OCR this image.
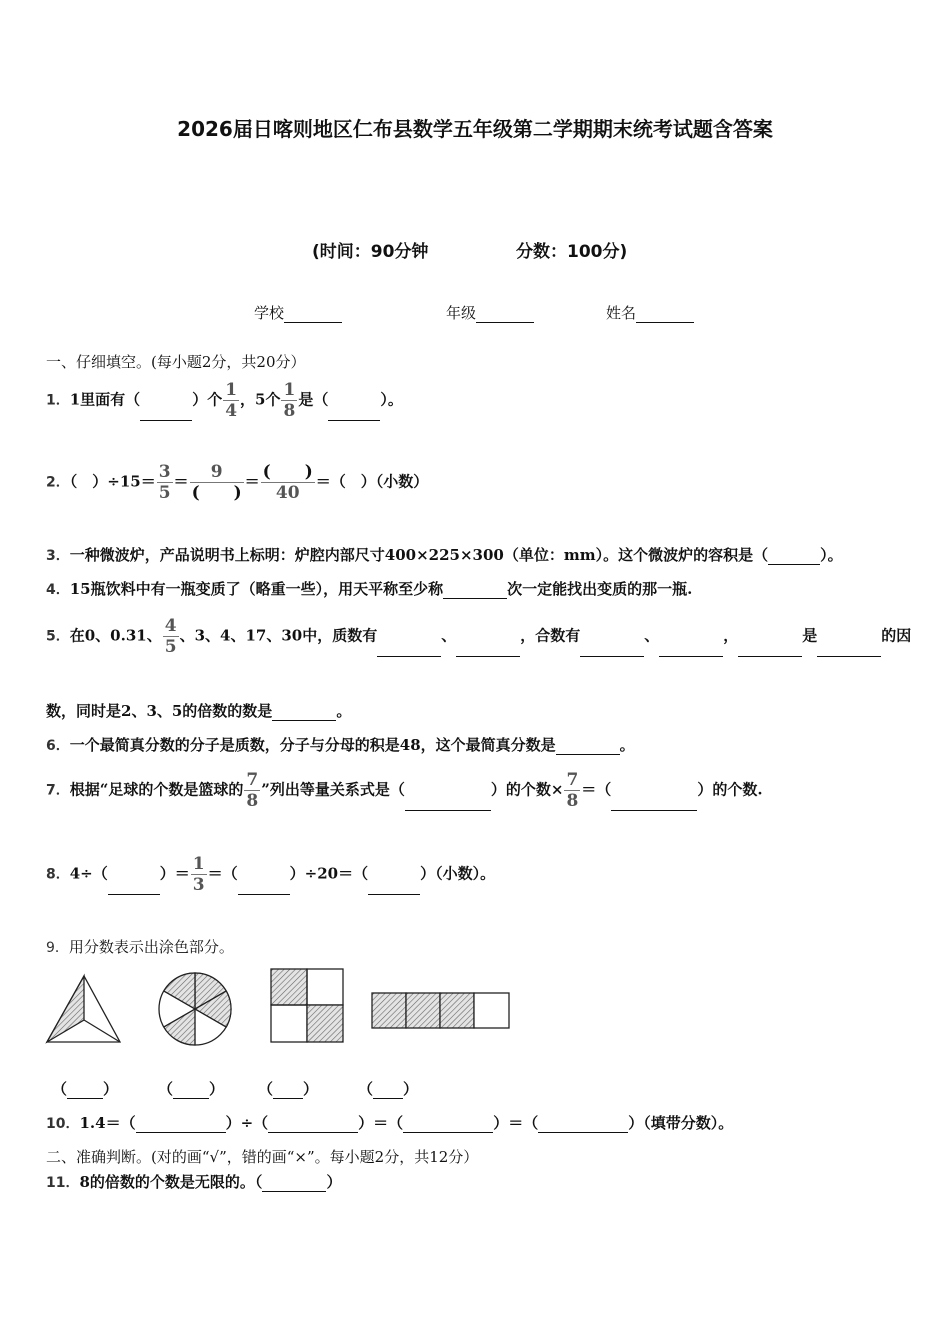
2026届日喀则地区仁布县数学五年级第二学期期末统考试题含答案
(时间：90分钟	分数：100分)
学校	年级	姓名
一、仔细填空。(每小题2分，共20分）
1．1里面有（	）个 $\frac{1}{4}$ ，5个 $\frac{1}{8}$ 是（	）。
2．（　）$\div 15= \frac{3}{5} = \frac{9}{( )} = \frac{( )}{40}$ ＝（　）（小数）
3．一种微波炉，产品说明书上标明：炉腔内部尺寸400×225×300（单位：mm）。这个微波炉的容积是（	）。
4．15瓶饮料中有一瓶变质了（略重一些），用天平称至少称	次一定能找出变质的那一瓶.
5．在0、0.31、 $\frac{4}{5}$ 、3、4、17、30中，质数有	、	，合数有	、	，	是	的因
数，同时是2、3、5的倍数的数是	。
6．一个最简真分数的分子是质数，分子与分母的积是48，这个最简真分数是	。
7．根据“足球的个数是篮球的 $\frac{7}{8}$ ”列出等量关系式是（	）的个数× $\frac{7}{8}$ ＝（	）的个数.
8．4÷（	）＝ $\frac{1}{3}$ ＝（	）÷20＝（	）（小数）。
9．用分数表示出涂色部分。
（ ）	（ ） （ ）	（ ）
10．1.4＝（	）÷（	）＝（	）＝（	）（填带分数）。
二、准确判断。(对的画“√”，错的画“×”。每小题2分，共12分）
11．8的倍数的个数是无限的。（	）
